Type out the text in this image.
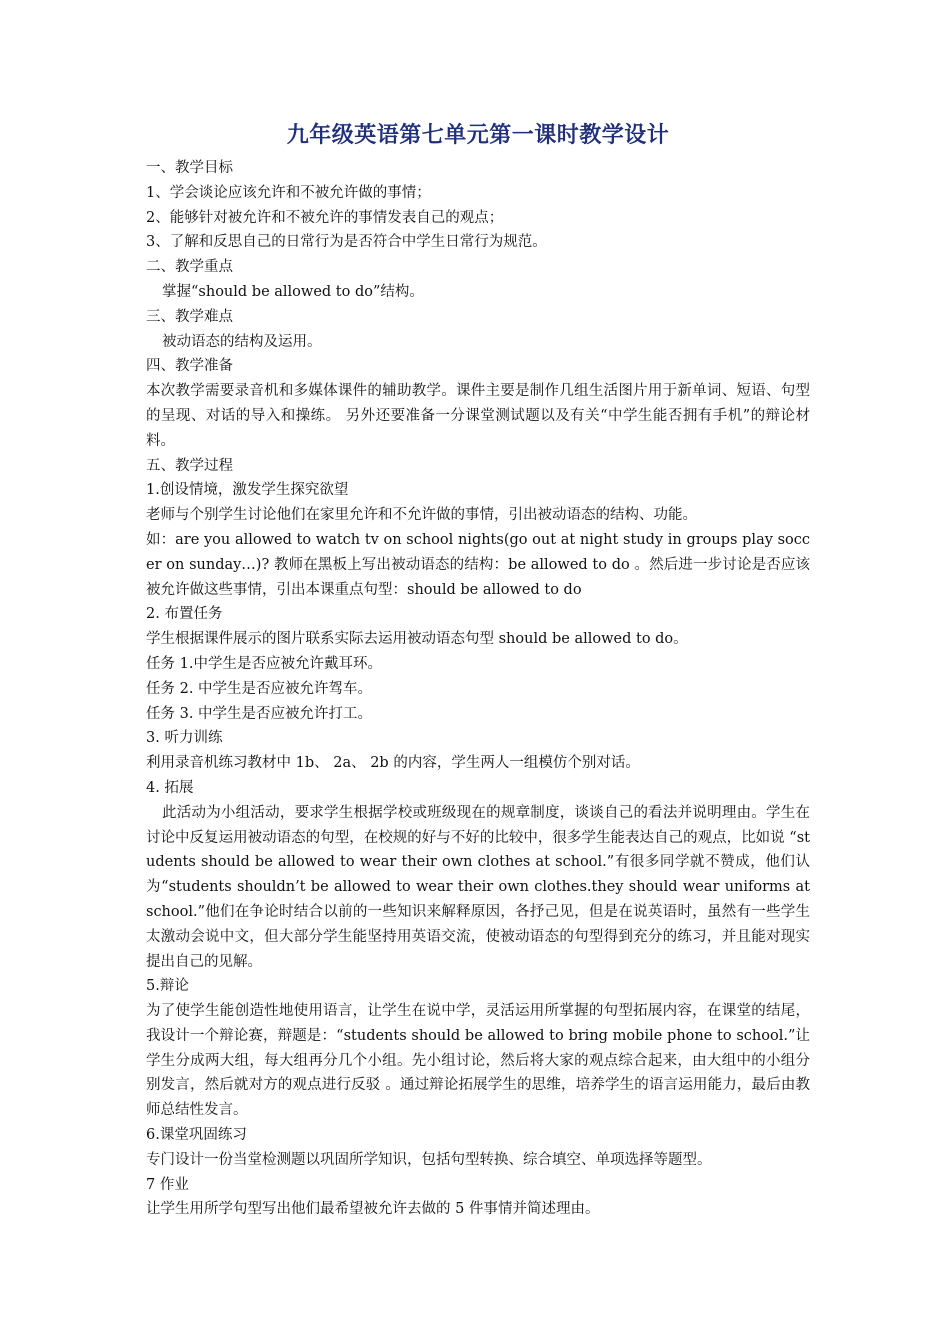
九年级英语第七单元第一课时教学设计

一、教学目标

1、学会谈论应该允许和不被允许做的事情；

2、能够针对被允许和不被允许的事情发表自己的观点；

3、了解和反思自己的日常行为是否符合中学生日常行为规范。

二、教学重点

掌握“should be allowed to do”结构。

三、教学难点

被动语态的结构及运用。

四、教学准备

本次教学需要录音机和多媒体课件的辅助教学。课件主要是制作几组生活图片用于新单词、短语、句型的呈现、对话的导入和操练。 另外还要准备一分课堂测试题以及有关“中学生能否拥有手机”的辩论材料。

五、教学过程

1.创设情境，激发学生探究欲望

老师与个别学生讨论他们在家里允许和不允许做的事情，引出被动语态的结构、功能。

如：are you allowed to watch tv on school nights(go out at night study in groups play soccer on sunday…)? 教师在黑板上写出被动语态的结构：be allowed to do 。然后进一步讨论是否应该被允许做这些事情，引出本课重点句型：should be allowed to do

2. 布置任务

学生根据课件展示的图片联系实际去运用被动语态句型 should be allowed to do。

任务 1.中学生是否应被允许戴耳环。

任务 2. 中学生是否应被允许驾车。

任务 3. 中学生是否应被允许打工。

3. 听力训练

利用录音机练习教材中 1b、 2a、 2b 的内容，学生两人一组模仿个别对话。

4. 拓展

此活动为小组活动，要求学生根据学校或班级现在的规章制度，谈谈自己的看法并说明理由。学生在讨论中反复运用被动语态的句型，在校规的好与不好的比较中，很多学生能表达自己的观点，比如说 “students should be allowed to wear their own clothes at school.”有很多同学就不赞成，他们认为“students shouldn’t be allowed to wear their own clothes.they should wear uniforms at school.”他们在争论时结合以前的一些知识来解释原因，各抒己见，但是在说英语时，虽然有一些学生太激动会说中文，但大部分学生能坚持用英语交流，使被动语态的句型得到充分的练习，并且能对现实提出自己的见解。

5.辩论

为了使学生能创造性地使用语言，让学生在说中学，灵活运用所掌握的句型拓展内容，在课堂的结尾，我设计一个辩论赛，辩题是：“students should be allowed to bring mobile phone to school.”让学生分成两大组，每大组再分几个小组。先小组讨论，然后将大家的观点综合起来，由大组中的小组分别发言，然后就对方的观点进行反驳 。通过辩论拓展学生的思维，培养学生的语言运用能力，最后由教师总结性发言。

6.课堂巩固练习

专门设计一份当堂检测题以巩固所学知识，包括句型转换、综合填空、单项选择等题型。

7 作业

让学生用所学句型写出他们最希望被允许去做的 5 件事情并简述理由。
